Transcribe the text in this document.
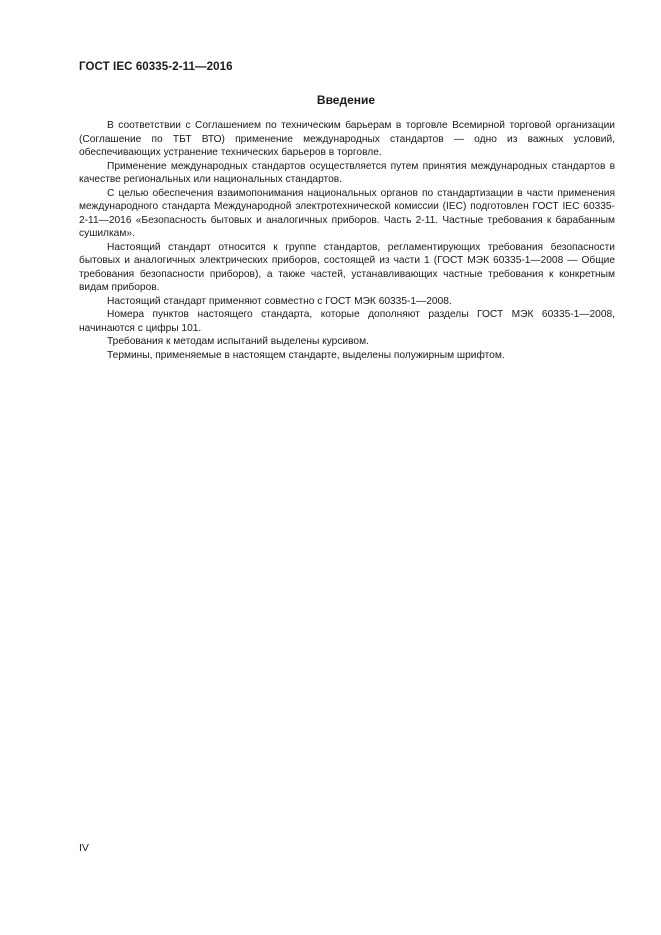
ГОСТ IEC 60335-2-11—2016
Введение

В соответствии с Соглашением по техническим барьерам в торговле Всемирной торговой организации (Соглашение по ТБТ ВТО) применение международных стандартов — одно из важных условий, обеспечивающих устранение технических барьеров в торговле.

Применение международных стандартов осуществляется путем принятия международных стандартов в качестве региональных или национальных стандартов.

С целью обеспечения взаимопонимания национальных органов по стандартизации в части применения международного стандарта Международной электротехнической комиссии (IEC) подготовлен ГОСТ IEC 60335-2-11—2016 «Безопасность бытовых и аналогичных приборов. Часть 2-11. Частные требования к барабанным сушилкам».

Настоящий стандарт относится к группе стандартов, регламентирующих требования безопасности бытовых и аналогичных электрических приборов, состоящей из части 1 (ГОСТ МЭК 60335-1—2008 — Общие требования безопасности приборов), а также частей, устанавливающих частные требования к конкретным видам приборов.

Настоящий стандарт применяют совместно с ГОСТ МЭК 60335-1—2008.

Номера пунктов настоящего стандарта, которые дополняют разделы ГОСТ МЭК 60335-1—2008, начинаются с цифры 101.

Требования к методам испытаний выделены курсивом.

Термины, применяемые в настоящем стандарте, выделены полужирным шрифтом.

IV
